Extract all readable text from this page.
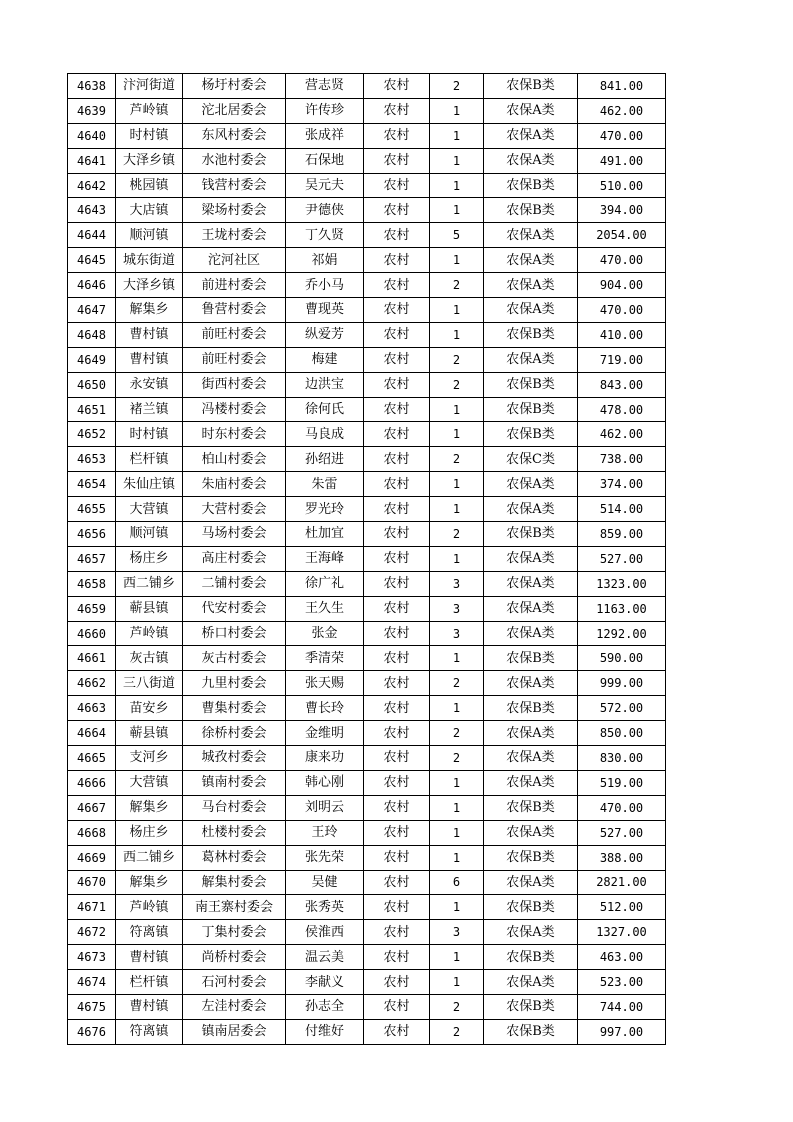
4638	汴河街道	杨圩村委会	营志贤	农村	2	农保B类	841.00
4639	芦岭镇	沱北居委会	许传珍	农村	1	农保A类	462.00
4640	时村镇	东风村委会	张成祥	农村	1	农保A类	470.00
4641	大泽乡镇	水池村委会	石保地	农村	1	农保A类	491.00
4642	桃园镇	钱营村委会	吴元夫	农村	1	农保B类	510.00
4643	大店镇	梁场村委会	尹德侠	农村	1	农保B类	394.00
4644	顺河镇	王垅村委会	丁久贤	农村	5	农保A类	2054.00
4645	城东街道	沱河社区	祁娟	农村	1	农保A类	470.00
4646	大泽乡镇	前进村委会	乔小马	农村	2	农保A类	904.00
4647	解集乡	鲁营村委会	曹现英	农村	1	农保A类	470.00
4648	曹村镇	前旺村委会	纵爱芳	农村	1	农保B类	410.00
4649	曹村镇	前旺村委会	梅建	农村	2	农保A类	719.00
4650	永安镇	街西村委会	边洪宝	农村	2	农保B类	843.00
4651	褚兰镇	冯楼村委会	徐何氏	农村	1	农保B类	478.00
4652	时村镇	时东村委会	马良成	农村	1	农保B类	462.00
4653	栏杆镇	柏山村委会	孙绍进	农村	2	农保C类	738.00
4654	朱仙庄镇	朱庙村委会	朱雷	农村	1	农保A类	374.00
4655	大营镇	大营村委会	罗光玲	农村	1	农保A类	514.00
4656	顺河镇	马场村委会	杜加宜	农村	2	农保B类	859.00
4657	杨庄乡	高庄村委会	王海峰	农村	1	农保A类	527.00
4658	西二铺乡	二铺村委会	徐广礼	农村	3	农保A类	1323.00
4659	蕲县镇	代安村委会	王久生	农村	3	农保A类	1163.00
4660	芦岭镇	桥口村委会	张金	农村	3	农保A类	1292.00
4661	灰古镇	灰古村委会	季清荣	农村	1	农保B类	590.00
4662	三八街道	九里村委会	张天赐	农村	2	农保A类	999.00
4663	苗安乡	曹集村委会	曹长玲	农村	1	农保B类	572.00
4664	蕲县镇	徐桥村委会	金维明	农村	2	农保A类	850.00
4665	支河乡	城孜村委会	康来功	农村	2	农保A类	830.00
4666	大营镇	镇南村委会	韩心刚	农村	1	农保A类	519.00
4667	解集乡	马台村委会	刘明云	农村	1	农保B类	470.00
4668	杨庄乡	杜楼村委会	王玲	农村	1	农保A类	527.00
4669	西二铺乡	葛林村委会	张先荣	农村	1	农保B类	388.00
4670	解集乡	解集村委会	吴健	农村	6	农保A类	2821.00
4671	芦岭镇	南王寨村委会	张秀英	农村	1	农保B类	512.00
4672	符离镇	丁集村委会	侯淮西	农村	3	农保A类	1327.00
4673	曹村镇	尚桥村委会	温云美	农村	1	农保B类	463.00
4674	栏杆镇	石河村委会	李献义	农村	1	农保A类	523.00
4675	曹村镇	左洼村委会	孙志全	农村	2	农保B类	744.00
4676	符离镇	镇南居委会	付维好	农村	2	农保B类	997.00
